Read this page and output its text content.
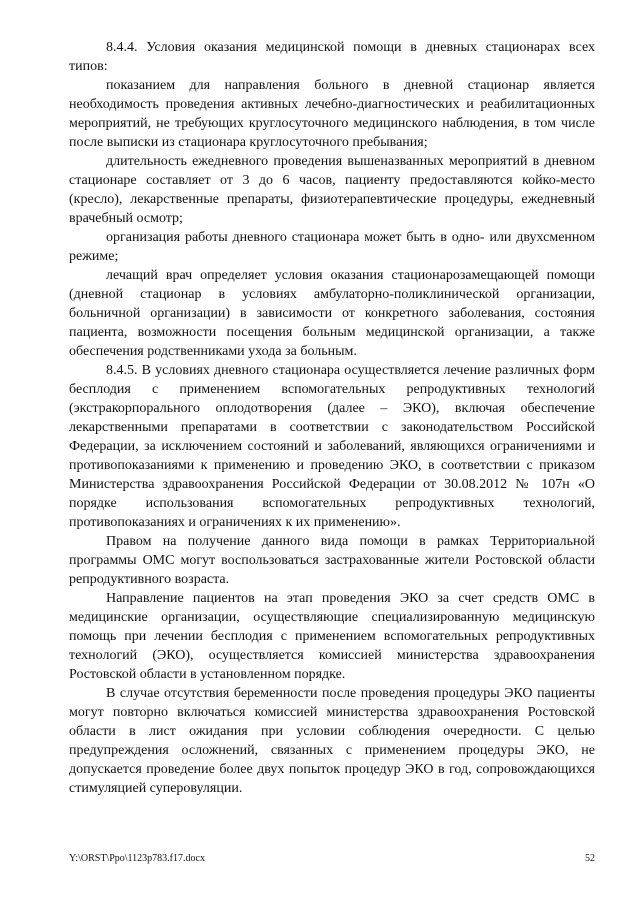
8.4.4. Условия оказания медицинской помощи в дневных стационарах всех типов:

показанием для направления больного в дневной стационар является необходимость проведения активных лечебно-диагностических и реабилитационных мероприятий, не требующих круглосуточного медицинского наблюдения, в том числе после выписки из стационара круглосуточного пребывания;

длительность ежедневного проведения вышеназванных мероприятий в дневном стационаре составляет от 3 до 6 часов, пациенту предоставляются койко-место (кресло), лекарственные препараты, физиотерапевтические процедуры, ежедневный врачебный осмотр;

организация работы дневного стационара может быть в одно- или двухсменном режиме;

лечащий врач определяет условия оказания стационарозамещающей помощи (дневной стационар в условиях амбулаторно-поликлинической организации, больничной организации) в зависимости от конкретного заболевания, состояния пациента, возможности посещения больным медицинской организации, а также обеспечения родственниками ухода за больным.

8.4.5. В условиях дневного стационара осуществляется лечение различных форм бесплодия с применением вспомогательных репродуктивных технологий (экстракорпорального оплодотворения (далее – ЭКО), включая обеспечение лекарственными препаратами в соответствии с законодательством Российской Федерации, за исключением состояний и заболеваний, являющихся ограничениями и противопоказаниями к применению и проведению ЭКО, в соответствии с приказом Министерства здравоохранения Российской Федерации от 30.08.2012 № 107н «О порядке использования вспомогательных репродуктивных технологий, противопоказаниях и ограничениях к их применению».

Правом на получение данного вида помощи в рамках Территориальной программы ОМС могут воспользоваться застрахованные жители Ростовской области репродуктивного возраста.

Направление пациентов на этап проведения ЭКО за счет средств ОМС в медицинские организации, осуществляющие специализированную медицинскую помощь при лечении бесплодия с применением вспомогательных репродуктивных технологий (ЭКО), осуществляется комиссией министерства здравоохранения Ростовской области в установленном порядке.

В случае отсутствия беременности после проведения процедуры ЭКО пациенты могут повторно включаться комиссией министерства здравоохранения Ростовской области в лист ожидания при условии соблюдения очередности. С целью предупреждения осложнений, связанных с применением процедуры ЭКО, не допускается проведение более двух попыток процедур ЭКО в год, сопровождающихся стимуляцией суперовуляции.

Y:\ORST\Ppo\1123p783.f17.docx	52
